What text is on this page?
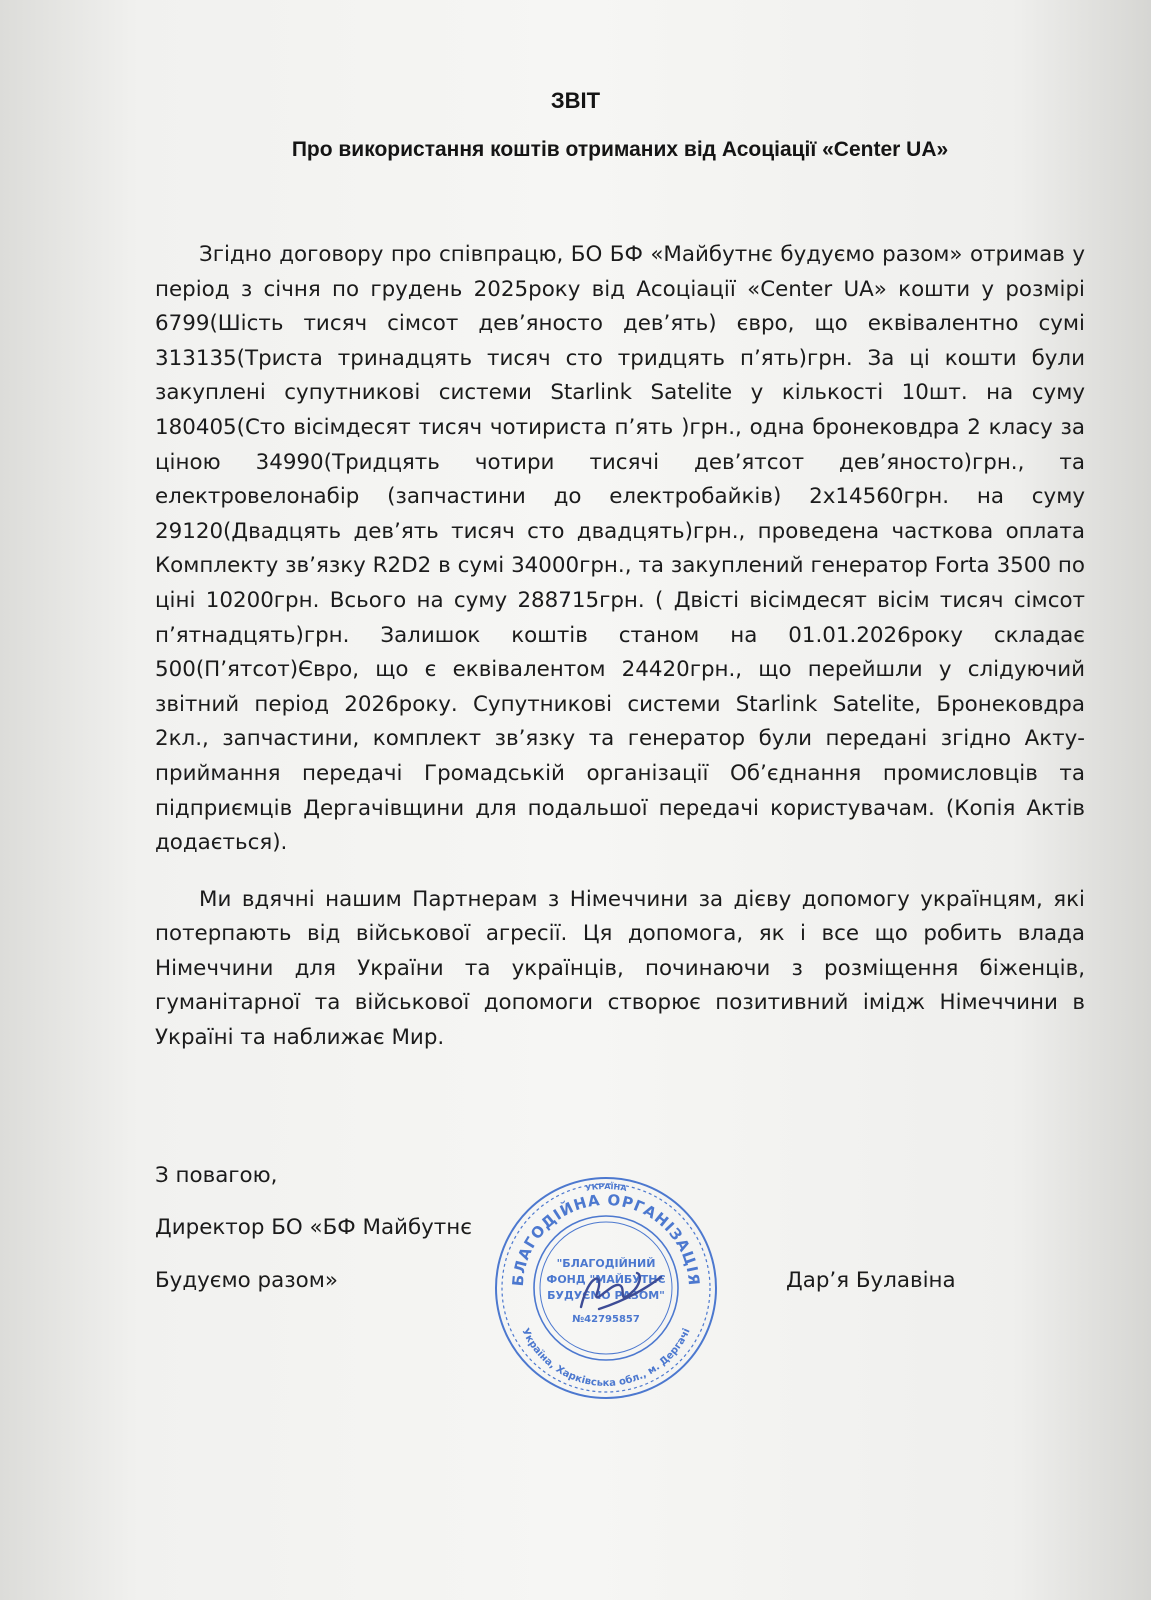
ЗВІТ
Про використання коштів отриманих від Асоціації «Center UA»

Згідно договору про співпрацю, БО БФ «Майбутнє будуємо разом» отримав у період з січня по грудень 2025року від Асоціації «Center UA» кошти у розмірі 6799(Шість тисяч сімсот дев’яносто дев’ять) євро, що еквівалентно сумі 313135(Триста тринадцять тисяч сто тридцять п’ять)грн. За ці кошти були закуплені супутникові системи Starlink Satelite у кількості 10шт. на суму 180405(Сто вісімдесят тисяч чотириста п’ять )грн., одна бронековдра 2 класу за ціною 34990(Тридцять чотири тисячі дев’ятсот дев’яносто)грн., та електровелонабір (запчастини до електробайків) 2х14560грн. на суму 29120(Двадцять дев’ять тисяч сто двадцять)грн., проведена часткова оплата Комплекту зв’язку R2D2 в сумі 34000грн., та закуплений генератор Forta 3500 по ціні 10200грн. Всього на суму 288715грн. ( Двісті вісімдесят вісім тисяч сімсот п’ятнадцять)грн. Залишок коштів станом на 01.01.2026року складає 500(П’ятсот)Євро, що є еквівалентом 24420грн., що перейшли у слідуючий звітний період 2026року. Супутникові системи Starlink Satelite, Бронековдра 2кл., запчастини, комплект зв’язку та генератор були передані згідно Акту-приймання передачі Громадській організації Об’єднання промисловців та підприємців Дергачівщини для подальшої передачі користувачам. (Копія Актів додається).

Ми вдячні нашим Партнерам з Німеччини за дієву допомогу українцям, які потерпають від військової агресії. Ця допомога, як і все що робить влада Німеччини для України та українців, починаючи з розміщення біженців, гуманітарної та військової допомоги створює позитивний імідж Німеччини в Україні та наближає Мир.

З повагою,
Директор БО «БФ Майбутнє
Будуємо разом»	Дар’я Булавіна
УКРАЇНА
БЛАГОДІЙНА ОРГАНІЗАЦІЯ
Україна, Харківська обл., м. Дергачі
"БЛАГОДІЙНИЙ
ФОНД "МАЙБУТНЄ
БУДУЄМО РАЗОМ"
№42795857
